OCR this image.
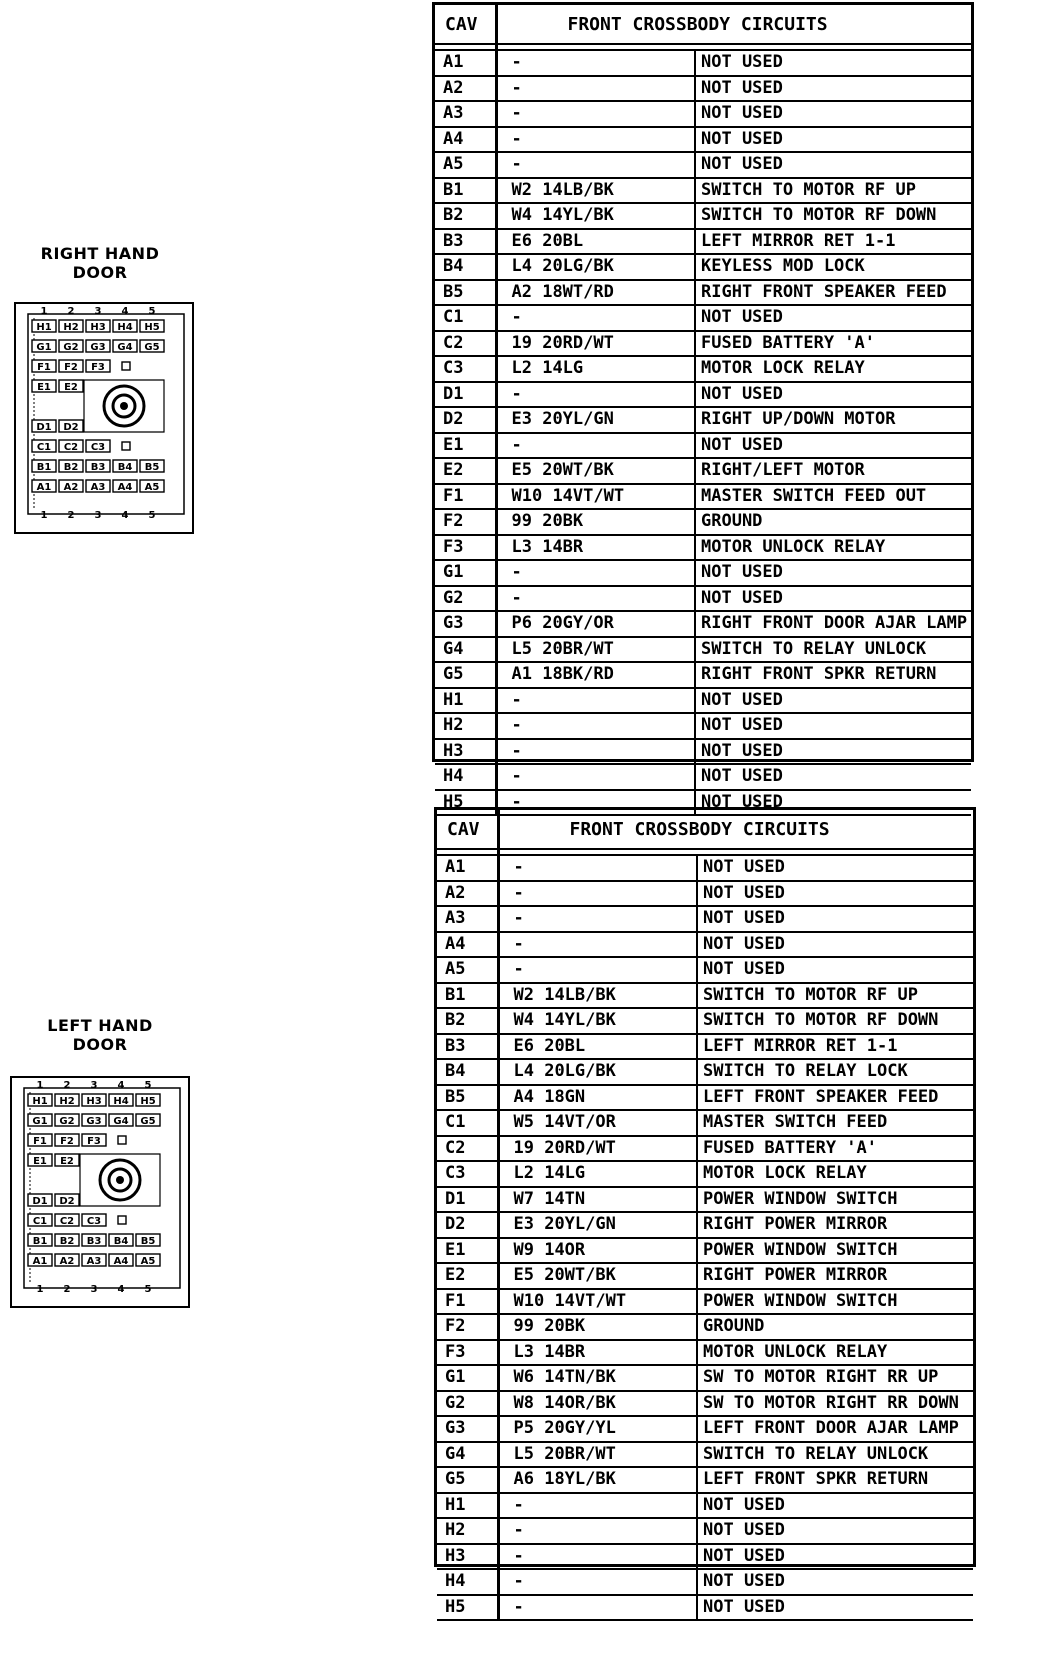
RIGHT HAND
DOOR
1
1
2
2
3
3
4
4
5
5
H1 H2 H3 H4 H5
G1 G2 G3 G4 G5
F1 F2 F3
E1 E2
D1 D2
C1 C2 C3
B1 B2 B3 B4 B5
A1 A2 A3 A4 A5
LEFT HAND
DOOR
1
1
2
2
3
3
4
4
5
5
H1 H2 H3 H4 H5
G1 G2 G3 G4 G5
F1 F2 F3
E1 E2
D1 D2
C1 C2 C3
B1 B2 B3 B4 B5
A1 A2 A3 A4 A5
CAV	FRONT CROSSBODY CIRCUITS	

A1	-	NOT USED
A2	-	NOT USED
A3	-	NOT USED
A4	-	NOT USED
A5	-	NOT USED
B1	W2 14LB/BK	SWITCH TO MOTOR RF UP
B2	W4 14YL/BK	SWITCH TO MOTOR RF DOWN
B3	E6 20BL	LEFT MIRROR RET 1-1
B4	L4 20LG/BK	KEYLESS MOD LOCK
B5	A2 18WT/RD	RIGHT FRONT SPEAKER FEED
C1	-	NOT USED
C2	19 20RD/WT	FUSED BATTERY 'A'
C3	L2 14LG	MOTOR LOCK RELAY
D1	-	NOT USED
D2	E3 20YL/GN	RIGHT UP/DOWN MOTOR
E1	-	NOT USED
E2	E5 20WT/BK	RIGHT/LEFT MOTOR
F1	W10 14VT/WT	MASTER SWITCH FEED OUT
F2	99 20BK	GROUND
F3	L3 14BR	MOTOR UNLOCK RELAY
G1	-	NOT USED
G2	-	NOT USED
G3	P6 20GY/OR	RIGHT FRONT DOOR AJAR LAMP
G4	L5 20BR/WT	SWITCH TO RELAY UNLOCK
G5	A1 18BK/RD	RIGHT FRONT SPKR RETURN
H1	-	NOT USED
H2	-	NOT USED
H3	-	NOT USED
H4	-	NOT USED
H5	-	NOT USED
CAV	FRONT CROSSBODY CIRCUITS	

A1	-	NOT USED
A2	-	NOT USED
A3	-	NOT USED
A4	-	NOT USED
A5	-	NOT USED
B1	W2 14LB/BK	SWITCH TO MOTOR RF UP
B2	W4 14YL/BK	SWITCH TO MOTOR RF DOWN
B3	E6 20BL	LEFT MIRROR RET 1-1
B4	L4 20LG/BK	SWITCH TO RELAY LOCK
B5	A4 18GN	LEFT FRONT SPEAKER FEED
C1	W5 14VT/OR	MASTER SWITCH FEED
C2	19 20RD/WT	FUSED BATTERY 'A'
C3	L2 14LG	MOTOR LOCK RELAY
D1	W7 14TN	POWER WINDOW SWITCH
D2	E3 20YL/GN	RIGHT POWER MIRROR
E1	W9 14OR	POWER WINDOW SWITCH
E2	E5 20WT/BK	RIGHT POWER MIRROR
F1	W10 14VT/WT	POWER WINDOW SWITCH
F2	99 20BK	GROUND
F3	L3 14BR	MOTOR UNLOCK RELAY
G1	W6 14TN/BK	SW TO MOTOR RIGHT RR UP
G2	W8 14OR/BK	SW TO MOTOR RIGHT RR DOWN
G3	P5 20GY/YL	LEFT FRONT DOOR AJAR LAMP
G4	L5 20BR/WT	SWITCH TO RELAY UNLOCK
G5	A6 18YL/BK	LEFT FRONT SPKR RETURN
H1	-	NOT USED
H2	-	NOT USED
H3	-	NOT USED
H4	-	NOT USED
H5	-	NOT USED
